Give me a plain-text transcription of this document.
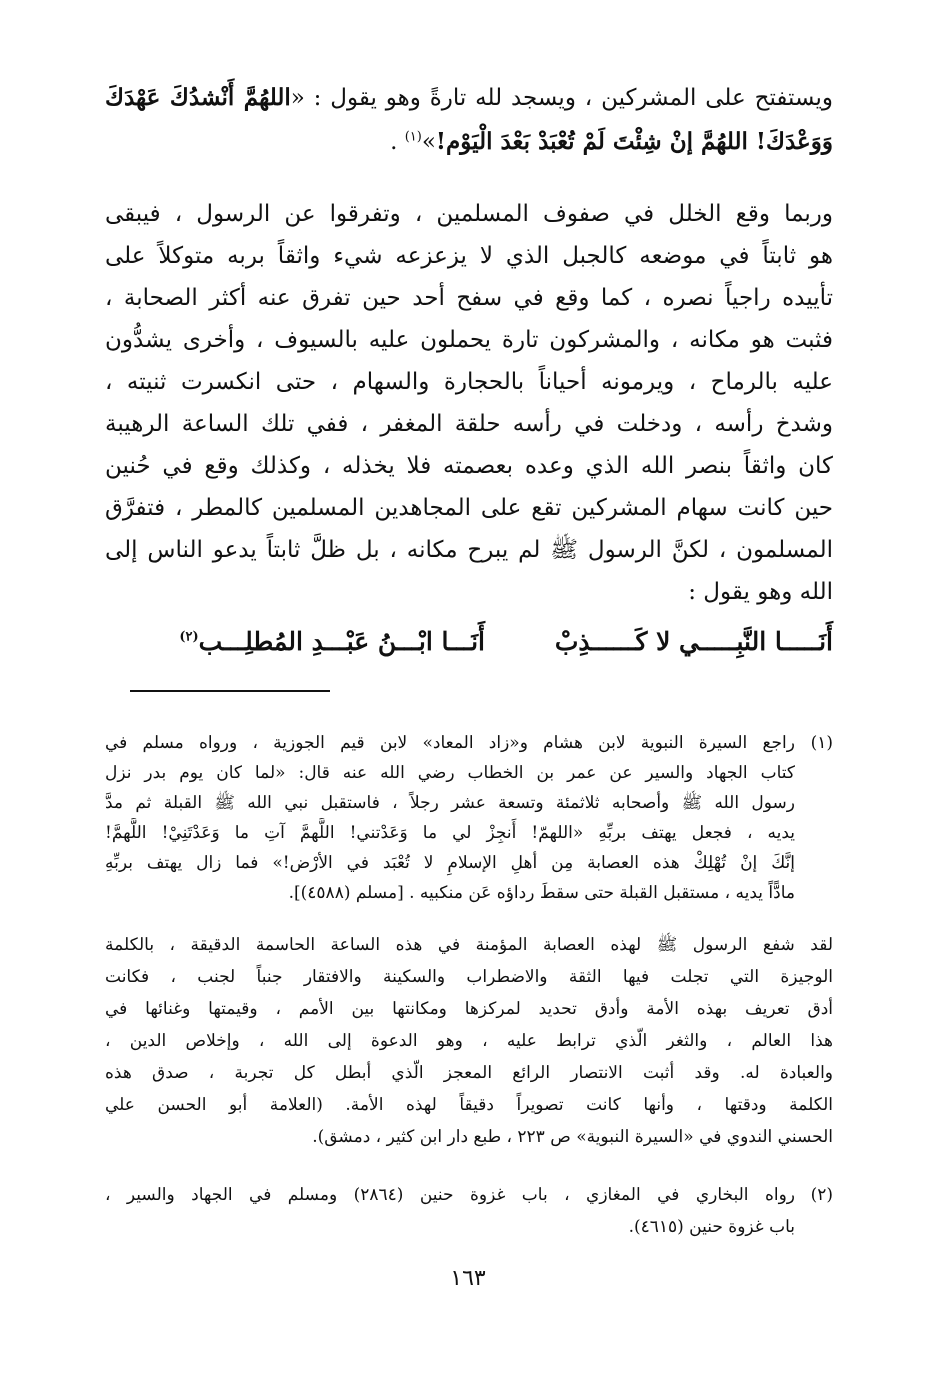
ويستفتح على المشركين ، ويسجد لله تارةً وهو يقول : «اللهُمَّ أَنْشدُكَ عَهْدَكَ
وَوَعْدَكَ! اللهُمَّ إنْ شِئْتَ لَمْ تُعْبَدْ بَعْدَ الْيَوْم!»$^{(١)}$ .
وربما وقع الخلل في صفوف المسلمين ، وتفرقوا عن الرسول ، فيبقى
هو ثابتاً في موضعه كالجبل الذي لا يزعزعه شيء واثقاً بربه متوكلاً على
تأييده راجياً نصره ، كما وقع في سفح أحد حين تفرق عنه أكثر الصحابة ،
فثبت هو مكانه ، والمشركون تارة يحملون عليه بالسيوف ، وأخرى يشدُّون
عليه بالرماح ، ويرمونه أحياناً بالحجارة والسهام ، حتى انكسرت ثنيته ،
وشدخ رأسه ، ودخلت في رأسه حلقة المغفر ، ففي تلك الساعة الرهيبة
كان واثقاً بنصر الله الذي وعده بعصمته فلا يخذله ، وكذلك وقع في حُنين
حين كانت سهام المشركين تقع على المجاهدين المسلمين كالمطر ، فتفرَّق
المسلمون ، لكنَّ الرسول ﷺ لم يبرح مكانه ، بل ظلَّ ثابتاً يدعو الناس إلى
الله وهو يقول :
أَنَـــــا النَّبِـــــي لا كَــــــذِبْ
أَنَـــا ابْـــنُ عَبْـــدِ المُطلِـــب$^{(٢)}$
(١)
راجع السيرة النبوية لابن هشام و«زاد المعاد» لابن قيم الجوزية ، ورواه مسلم في
كتاب الجهاد والسير عن عمر بن الخطاب رضي الله عنه قال: «لما كان يوم بدر نزل
رسول الله ﷺ وأصحابه ثلاثمئة وتسعة عشر رجلاً ، فاستقبل نبي الله ﷺ القبلة ثم مدَّ
يديه ، فجعل يهتف بربِّهِ «اللهمّ! أَنجِزْ لي ما وَعَدْتني! اللَّهمَّ آتِ ما وَعَدْتَنِيْ! اللَّهمَّ!
إنَّكَ إنْ تُهْلِكْ هذه العصابة مِن أهلِ الإسلامِ لا تُعْبَد في الأرْض!» فما زال يهتف بربِّهِ
مادًّاً يديه ، مستقبل القبلة حتى سقطَ رداؤه عَن منكبيه . [مسلم (٤٥٨٨)].
لقد شفع الرسول ﷺ لهذه العصابة المؤمنة في هذه الساعة الحاسمة الدقيقة ، بالكلمة
الوجيزة التي تجلت فيها الثقة والاضطراب والسكينة والافتقار جنباً لجنب ، فكانت
أدق تعريف بهذه الأمة وأدق تحديد لمركزها ومكانتها بين الأمم ، وقيمتها وغنائها في
هذا العالم ، والثغر الّذي ترابط عليه ، وهو الدعوة إلى الله ، وإخلاص الدين ،
والعبادة له. وقد أثبت الانتصار الرائع المعجز الّذي أبطل كل تجربة ، صدق هذه
الكلمة ودقتها ، وأنها كانت تصويراً دقيقاً لهذه الأمة. (العلامة أبو الحسن علي
الحسني الندوي في «السيرة النبوية» ص ٢٢٣ ، طبع دار ابن كثير ، دمشق).
(٢)
رواه البخاري في المغازي ، باب غزوة حنين (٢٨٦٤) ومسلم في الجهاد والسير ،
باب غزوة حنين (٤٦١٥).
١٦٣
